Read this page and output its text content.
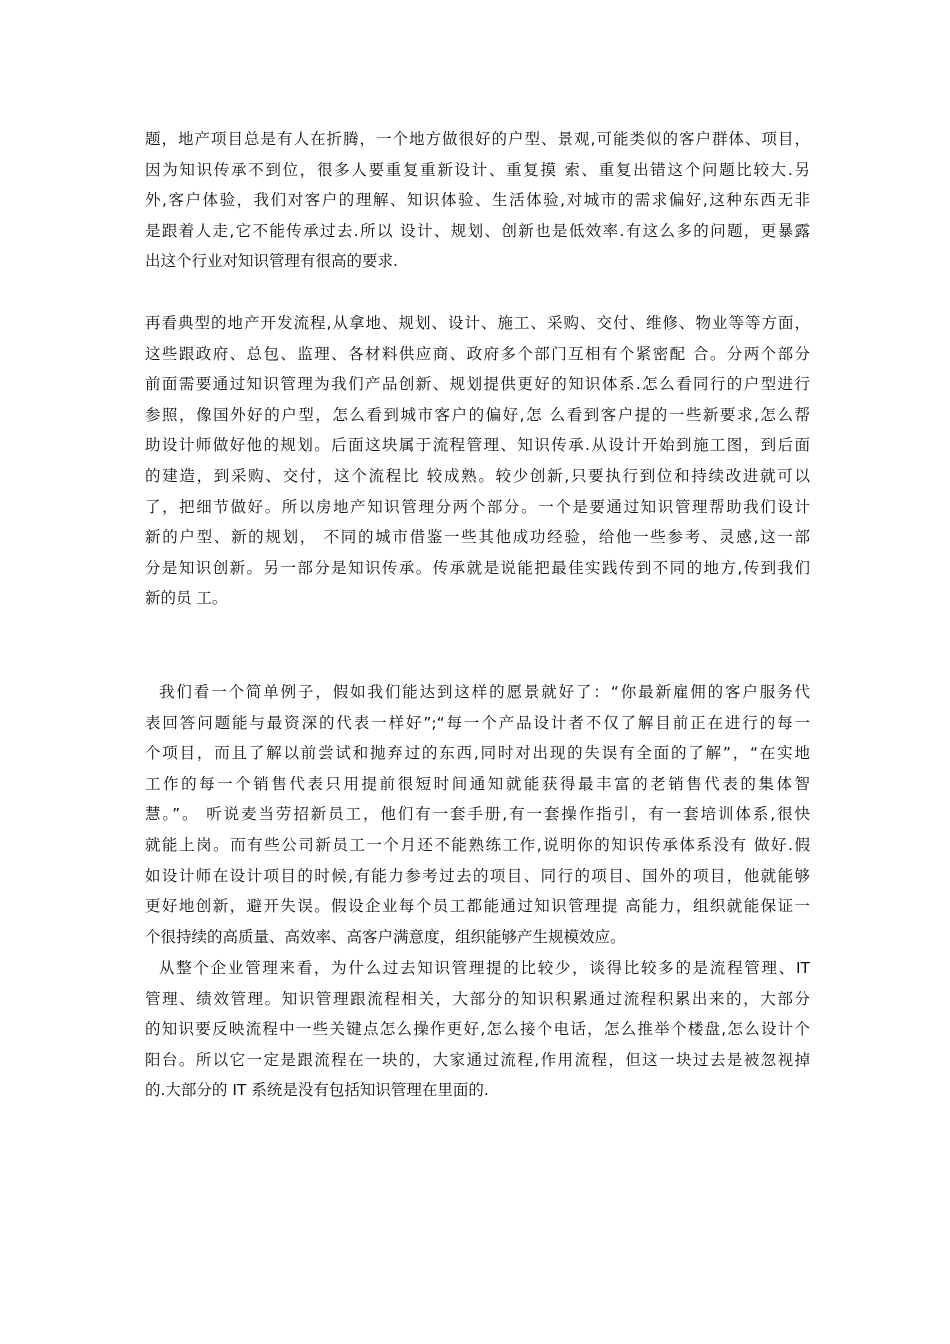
题，地产项目总是有人在折腾，一个地方做很好的户型、景观,可能类似的客户群体、项目，
因为知识传承不到位，很多人要重复重新设计、重复摸 索、重复出错这个问题比较大.另
外,客户体验，我们对客户的理解、知识体验、生活体验,对城市的需求偏好,这种东西无非
是跟着人走,它不能传承过去.所以 设计、规划、创新也是低效率.有这么多的问题，更暴露
出这个行业对知识管理有很高的要求.
再看典型的地产开发流程,从拿地、规划、设计、施工、采购、交付、维修、物业等等方面，
这些跟政府、总包、监理、各材料供应商、政府多个部门互相有个紧密配 合。分两个部分
前面需要通过知识管理为我们产品创新、规划提供更好的知识体系.怎么看同行的户型进行
参照，像国外好的户型，怎么看到城市客户的偏好,怎 么看到客户提的一些新要求,怎么帮
助设计师做好他的规划。后面这块属于流程管理、知识传承.从设计开始到施工图，到后面
的建造，到采购、交付，这个流程比 较成熟。较少创新,只要执行到位和持续改进就可以
了，把细节做好。所以房地产知识管理分两个部分。一个是要通过知识管理帮助我们设计
新的户型、新的规划， 不同的城市借鉴一些其他成功经验，给他一些参考、灵感,这一部
分是知识创新。另一部分是知识传承。传承就是说能把最佳实践传到不同的地方,传到我们
新的员 工。
我们看一个简单例子，假如我们能达到这样的愿景就好了：“你最新雇佣的客户服务代
表回答问题能与最资深的代表一样好”;“每一个产品设计者不仅了解目前正在进行的每一
个项目，而且了解以前尝试和抛弃过的东西,同时对出现的失误有全面的了解”，“在实地
工作的每一个销售代表只用提前很短时间通知就能获得最丰富的老销售代表的集体智
慧。”。 听说麦当劳招新员工，他们有一套手册,有一套操作指引，有一套培训体系,很快
就能上岗。而有些公司新员工一个月还不能熟练工作,说明你的知识传承体系没有 做好.假
如设计师在设计项目的时候,有能力参考过去的项目、同行的项目、国外的项目，他就能够
更好地创新，避开失误。假设企业每个员工都能通过知识管理提 高能力，组织就能保证一
个很持续的高质量、高效率、高客户满意度，组织能够产生规模效应。
从整个企业管理来看，为什么过去知识管理提的比较少，谈得比较多的是流程管理、IT
管理、绩效管理。知识管理跟流程相关，大部分的知识积累通过流程积累出来的，大部分
的知识要反映流程中一些关键点怎么操作更好,怎么接个电话，怎么推举个楼盘,怎么设计个
阳台。所以它一定是跟流程在一块的，大家通过流程,作用流程，但这一块过去是被忽视掉
的.大部分的 IT 系统是没有包括知识管理在里面的.
